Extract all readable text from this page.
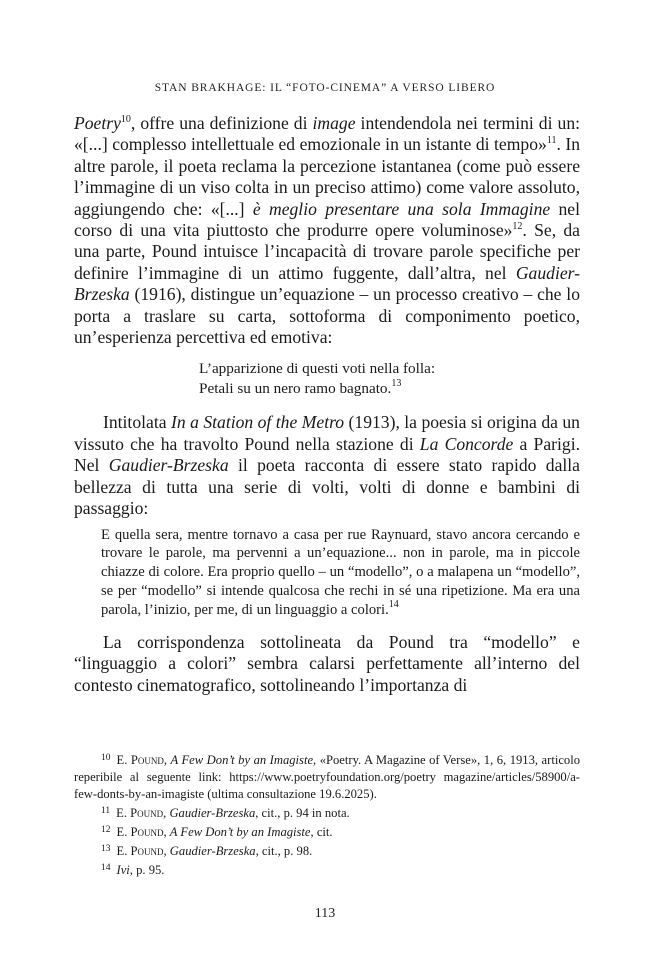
STAN BRAKHAGE: IL “FOTO-CINEMA” A VERSO LIBERO

Poetry$^{10}$, offre una definizione di image intendendola nei termini di un: «[...] complesso intellettuale ed emozionale in un istante di tempo»$^{11}$. In altre parole, il poeta reclama la percezione istantanea (come può essere l’immagine di un viso colta in un preciso attimo) come valore assoluto, aggiungendo che: «[...] è meglio presentare una sola Immagine nel corso di una vita piuttosto che produrre opere voluminose»$^{12}$. Se, da una parte, Pound intuisce l’incapacità di trovare parole specifiche per definire l’immagine di un attimo fuggente, dall’altra, nel Gaudier-Brzeska (1916), distingue un’equazione – un processo creativo – che lo porta a traslare su carta, sottoforma di componimento poetico, un’esperienza percettiva ed emotiva:

L’apparizione di questi voti nella folla:
Petali su un nero ramo bagnato.$^{13}$

Intitolata In a Station of the Metro (1913), la poesia si origina da un vissuto che ha travolto Pound nella stazione di La Concorde a Parigi. Nel Gaudier-Brzeska il poeta racconta di essere stato rapido dalla bellezza di tutta una serie di volti, volti di donne e bambini di passaggio:

E quella sera, mentre tornavo a casa per rue Raynuard, stavo ancora cercando e trovare le parole, ma pervenni a un’equazione... non in parole, ma in piccole chiazze di colore. Era proprio quello – un “modello”, o a malapena un “modello”, se per “modello” si intende qualcosa che rechi in sé una ripetizione. Ma era una parola, l’inizio, per me, di un linguaggio a colori.$^{14}$

La corrispondenza sottolineata da Pound tra “modello” e “linguaggio a colori” sembra calarsi perfettamente all’interno del contesto cinematografico, sottolineando l’importanza di

$^{10}$ E. Pound, A Few Don’t by an Imagiste, «Poetry. A Magazine of Verse», 1, 6, 1913, articolo reperibile al seguente link: https://www.poetryfoundation.org/poetry magazine/articles/58900/a-few-donts-by-an-imagiste (ultima consultazione 19.6.2025).

$^{11}$ E. Pound, Gaudier-Brzeska, cit., p. 94 in nota.

$^{12}$ E. Pound, A Few Don’t by an Imagiste, cit.

$^{13}$ E. Pound, Gaudier-Brzeska, cit., p. 98.

$^{14}$ Ivi, p. 95.

113
